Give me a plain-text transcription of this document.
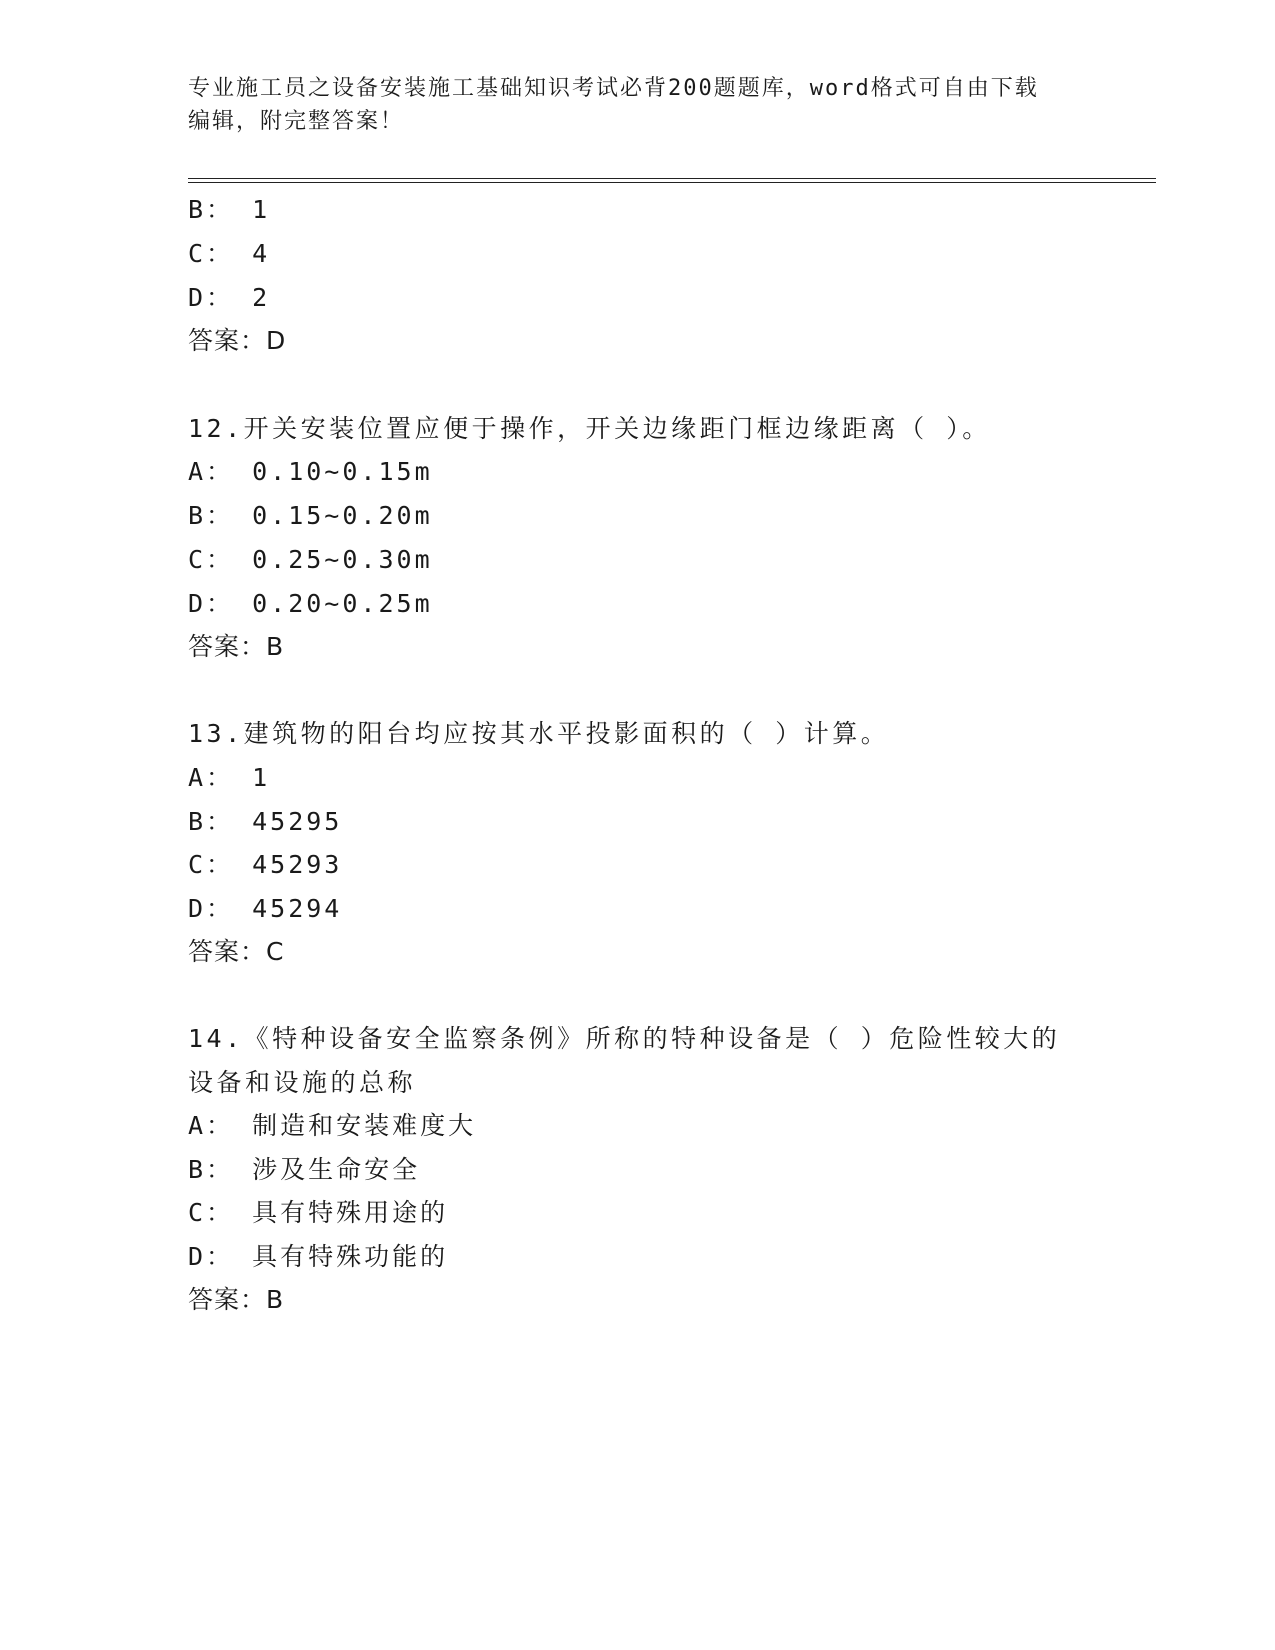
专业施工员之设备安装施工基础知识考试必背200题题库，word格式可自由下载
编辑，附完整答案！
B： 1
C： 4
D： 2
答案：D
12.开关安装位置应便于操作，开关边缘距门框边缘距离（ ）。
A： 0.10~0.15m
B： 0.15~0.20m
C： 0.25~0.30m
D： 0.20~0.25m
答案：B
13.建筑物的阳台均应按其水平投影面积的（ ）计算。
A： 1
B： 45295
C： 45293
D： 45294
答案：C
14.《特种设备安全监察条例》所称的特种设备是（ ）危险性较大的
设备和设施的总称
A： 制造和安装难度大
B： 涉及生命安全
C： 具有特殊用途的
D： 具有特殊功能的
答案：B
